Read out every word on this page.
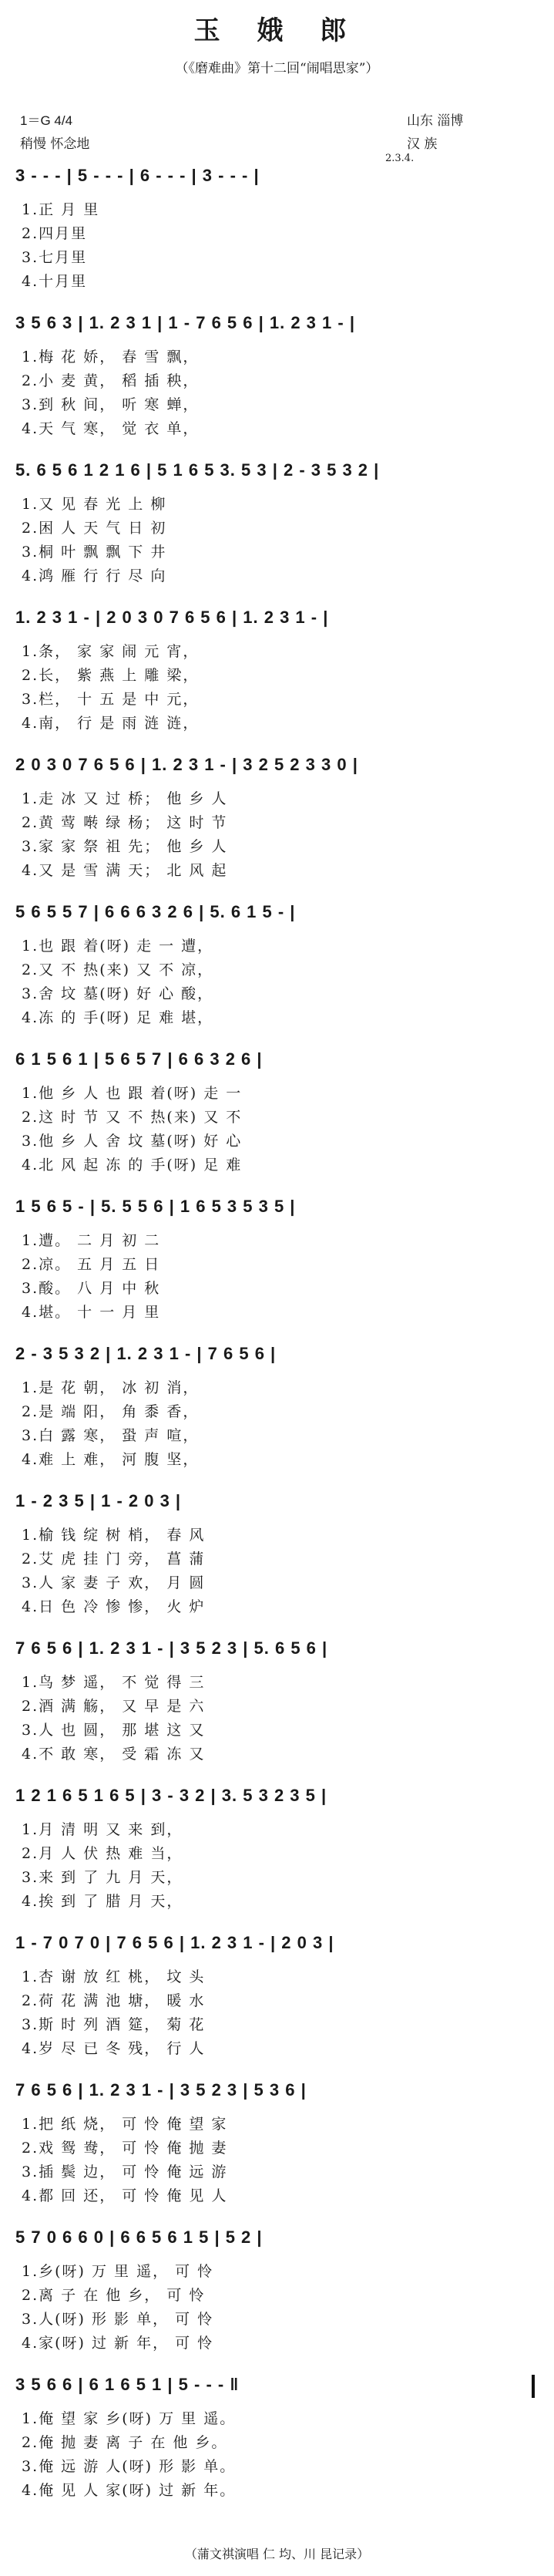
玉 娥 郎
（《磨难曲》第十二回“闹唱思家”）
1＝G 4/4
稍慢 怀念地
山东 淄博
汉 族
2.3.4.
3 - - - | 5 - - - | 6 - - - | 3 - - - |
1.正 月 里
2.四月里
3.七月里
4.十月里
3 5 6 3 | 1. 2 3 1 | 1 - 7 6 5 6 | 1. 2 3 1 - |
1.梅 花 娇， 春 雪 飘，
2.小 麦 黄， 稻 插 秧，
3.到 秋 间， 听 寒 蝉，
4.天 气 寒， 觉 衣 单，
5. 6 5 6 1 2 1 6 | 5 1 6 5 3. 5 3 | 2 - 3 5 3 2 |
1.又 见 春 光 上 柳
2.困 人 天 气 日 初
3.桐 叶 飘 飘 下 井
4.鸿 雁 行 行 尽 向
1. 2 3 1 - | 2 0 3 0 7 6 5 6 | 1. 2 3 1 - |
1.条， 家 家 闹 元 宵，
2.长， 紫 燕 上 雕 梁，
3.栏， 十 五 是 中 元，
4.南， 行 是 雨 涟 涟，
2 0 3 0 7 6 5 6 | 1. 2 3 1 - | 3 2 5 2 3 3 0 |
1.走 冰 又 过 桥； 他 乡 人
2.黄 莺 啭 绿 杨； 这 时 节
3.家 家 祭 祖 先； 他 乡 人
4.又 是 雪 满 天； 北 风 起
5 6 5 5 7 | 6 6 6 3 2 6 | 5. 6 1 5 - |
1.也 跟 着(呀) 走 一 遭，
2.又 不 热(来) 又 不 凉，
3.舍 坟 墓(呀) 好 心 酸，
4.冻 的 手(呀) 足 难 堪，
6 1 5 6 1 | 5 6 5 7 | 6 6 3 2 6 |
1.他 乡 人 也 跟 着(呀) 走 一
2.这 时 节 又 不 热(来) 又 不
3.他 乡 人 舍 坟 墓(呀) 好 心
4.北 风 起 冻 的 手(呀) 足 难
1 5 6 5 - | 5. 5 5 6 | 1 6 5 3 5 3 5 |
1.遭。 二 月 初 二
2.凉。 五 月 五 日
3.酸。 八 月 中 秋
4.堪。 十 一 月 里
2 - 3 5 3 2 | 1. 2 3 1 - | 7 6 5 6 |
1.是 花 朝， 冰 初 消，
2.是 端 阳， 角 黍 香，
3.白 露 寒， 蛩 声 喧，
4.难 上 难， 河 腹 坚，
1 - 2 3 5 | 1 - 2 0 3 |
1.榆 钱 绽 树 梢， 春 风
2.艾 虎 挂 门 旁， 菖 蒲
3.人 家 妻 子 欢， 月 圆
4.日 色 冷 惨 惨， 火 炉
7 6 5 6 | 1. 2 3 1 - | 3 5 2 3 | 5. 6 5 6 |
1.鸟 梦 遥， 不 觉 得 三
2.酒 满 觞， 又 早 是 六
3.人 也 圆， 那 堪 这 又
4.不 敢 寒， 受 霜 冻 又
1 2 1 6 5 1 6 5 | 3 - 3 2 | 3. 5 3 2 3 5 |
1.月 清 明 又 来 到，
2.月 人 伏 热 难 当，
3.来 到 了 九 月 天，
4.挨 到 了 腊 月 天，
1 - 7 0 7 0 | 7 6 5 6 | 1. 2 3 1 - | 2 0 3 |
1.杏 谢 放 红 桃， 坟 头
2.荷 花 满 池 塘， 暖 水
3.斯 时 列 酒 筵， 菊 花
4.岁 尽 已 冬 残， 行 人
7 6 5 6 | 1. 2 3 1 - | 3 5 2 3 | 5 3 6 |
1.把 纸 烧， 可 怜 俺 望 家
2.戏 鸳 鸯， 可 怜 俺 抛 妻
3.插 鬓 边， 可 怜 俺 远 游
4.都 回 还， 可 怜 俺 见 人
5 7 0 6 6 0 | 6 6 5 6 1 5 | 5 2 |
1.乡(呀) 万 里 遥， 可 怜
2.离 子 在 他 乡， 可 怜
3.人(呀) 形 影 单， 可 怜
4.家(呀) 过 新 年， 可 怜
3 5 6 6 | 6 1 6 5 1 | 5 - - - ‖
1.俺 望 家 乡(呀) 万 里 遥。
2.俺 抛 妻 离 子 在 他 乡。
3.俺 远 游 人(呀) 形 影 单。
4.俺 见 人 家(呀) 过 新 年。
（蒲文祺演唱 仁 均、川 昆记录）
